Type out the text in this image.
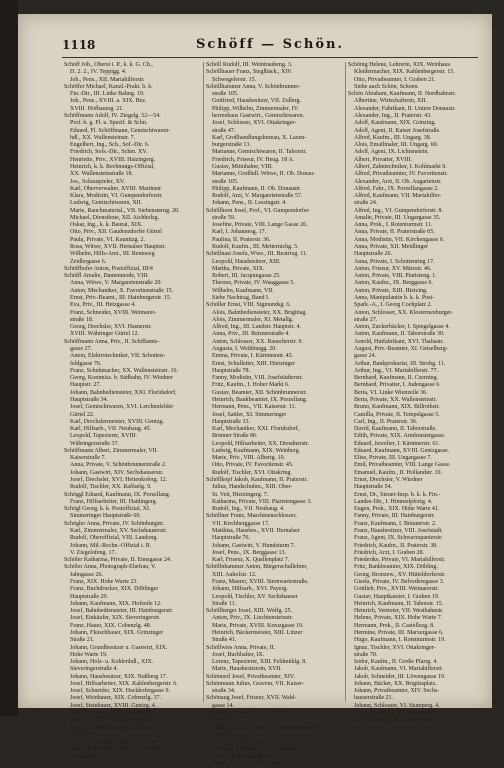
1118	Schöff — Schön.
Schöff Joh., Oberst i. P., k. k. G. Ch.,
D. 2. 2., IV. Teppigg. 4.
Joh., Pens., XII. Mariahilferstr.
Schöffer Michael, Kanzl.-Prakt. b. k.
Fin.-Dir., III. Linke Bahng. 19.
Joh., Pens., XVIII. a. XIX. Bez.
XVIII. Hofbauerg. 21.
Schöffmann Adolf, IV. Ziegelg. 52—54.
Prof. b. g. Fl. u. Spezif. & Schn.
Eduard, Fl. Schöffmann, Gemischtwaren-
hdl., XX. Wallensteinstr. 7.
Engelbert, Ing., Sch., Sof.-Dir. 6.
Friedrich, Sofs.-Dir., Schm. XV.
Henriette, Priv., XVIII. Haizingerg.
Heinrich, k. k. Rechnungs-Offizial,
XX. Wallensteinstraße 18.
Jos., Schauspieler, XV.
Karl, Oberverwalter, XVIII. Martinstr.
Klara, Modistin, VI. Gumpendorferstr.
Ludwig, Gemischtwaren, XII.
Marie, Rauchmaterial., VII. Siebensterng. 20.
Michael, Dienstbote, XII. Aichholzg.
Oskar, Ing., k. k. Baurat, XIX.
Otto, Priv., XII. Gaudenzdorfer Gürtel
Paula, Private, VI. Kaunitzg. 2.
Rosa, Witwe, XVII. Hernalser Hauptstr.
Wilhelm, Hilfs-Amt., III. Rennweg
Zeidlergasse 6.
Schöffhofer Anton, Postoffizial, III/4
Schöffl Amalie, Damenmode, VIII.
Anna, Witwe, V. Margaretenstraße 20.
Anton, Mechaniker, X. Favoritenstraße 15.
Ernst, Priv.-Beamt., III. Hainburgerstr. 15.
Eva, Priv., III. Hetzgasse 4.
Franz, Schneider, XVIII. Weimarer-
straße 18.
Georg, Drechsler, XVI. Hasnerstr.
XVIII. Währinger Gürtel 12.
Schöffmann Anna, Priv., II. Schiffamts-
gasse 27.
Anton, Elektrotechniker, VII. Schotten-
feldgasse 76.
Franz, Schuhmacher, XX. Wallensteinstr. 16.
Georg, Kommiss. b. Südbahn, IV. Wiedner
Hauptstr. 27.
Johann, Bahnbediensteter, XXI. Floridsdorf,
Hauptstraße 34.
Josef, Gemischtwaren, XVI. Lerchenfelder
Gürtel 22.
Karl, Drechslermeister, XVIII. Gentzg.
Karl, Hilfsarb., VII. Neubaug. 45.
Leopold, Tapezierer, XVIII.
Währingerstraße 37.
Schöffmann Albert, Zimmermaler, VII.
Kaiserstraße 7.
Anna, Private, V. Schönbrunnerstraße 2.
Johann, Gastwirt, XIV. Sechshauserstr.
Josef, Drechsler, XVI. Hettenkoferg. 12.
Rudolf, Tischler, XX. Raffaelg. 9.
Schöggl Eduard, Kaufmann, IX. Porzellang.
Franz, Hilfsarbeiter, III. Haidingerg.
Schögl Georg, k. k. Postoffizial, XI.
Simmeringer Hauptstraße 69.
Schögler Anna, Private, IV. Schönburgstr.
Karl, Zimmermaler, XV. Sechshauserstr.
Rudolf, Oberoffizial, VIII. Laudong.
Johann, Mil.-Rechn.-Offizial i. R.
V. Ziegelofeng. 17.
Schöler Katharina, Private, II. Ennsgasse 24.
Schöler Anna, Photograph-Ehefrau, V.
Jahngasse 26.
Franz, XIX. Hohe Warte 23.
Franz, Buchdrucker, XIX. Döblinger
Hauptstraße 29.
Johann, Kaufmann, XIX. Hofzeile 12.
Josef, Bahnbediensteter, III. Hainburgerstr.
Josef, Einkäufer, XIX. Sieveringerstr.
Franz, Hauer, XIX. Cobenzlg. 48.
Johann, Fleischhauer, XIX. Grinzinger
Straße 21.
Johann, Grundbesitzer u. Gastwirt, XIX.
Hohe Warte 19.
Johann, Holz- u. Kohlenhdl., XIX.
Sieveringerstraße 4.
Johann, Hausbesitzer, XIX. Nußberg 17.
Josef, Hilfsarbeiter, XIX. Kahlenbergerstr. 6.
Josef, Schneider, XIX. Hackhofergasse 9.
Josef, Weinhauer, XIX. Cobenzlg. 37.
Josef, Steinhauer, XVIII. Gentzg. 4.
Karl, Weinhauer, XIX. Nußberg 13.
Karl, Ing., XIX. Kahlenbergerstraße 4.
Leopold, Gastwirt, XIX. Grinzing
Straße 9.
Karl, Rechnungsrat, XIX. Grinzing 20.
Marie, Kaufmannswitwe, III. Landstr.
Hauptstraße 71.
Schöll Rudolf, III. Weintraubeng. 3.
Schöllhauer Franz, Sieglbäck., XIV.
Schwegelerstr. 15.
Schöllhammer Anna, V. Schönbrunner-
straße 105.
Gottfried, Hausbesitzer, VII. Zollerg.
Philipp, Wilhelm, Zimmermaler, IV.
herrenhaus Gastwirt., Gemischtwaren.
Josef, Schlosser, XVI. Ottakringer-
straße 47.
Karl, Großhandlungsbureau, X. Laxen-
burgerstraße 13.
Marianne, Gemischtwaren, II. Taborstr.
Friedrich, Friseur, IV. Heug. 18 A.
Gustav, Mitinhaber, VIII.
Marianne, Großhdl. Witwe, II. Ob. Donau-
straße 105.
Philipp, Kaufmann, II. Ob. Donaustr.
Rudolf, Arzt, V. Margaretenstraße 57.
Johann, Pens., II. Lessingstr. 4.
Schöllhorn Josef, Prof., VI. Gumpendorfer-
straße 59.
Josefine, Private, VIII. Lange Gasse 26.
Karl, I. Johannesg. 17.
Paulina, II. Praterstr. 36.
Rudolf, Kaufm., III. Metternichg. 5.
Schöllnast Josefa, Wwe., III. Beatrixg. 11.
Leopold, Hausbesitzer, XIII.
Martha, Private, XIX.
Robert, III. Jacquingasse 25.
Therese, Private, IV. Waaggasse 5.
Wilhelm, Kaufmann, VII.
Siehe Nachtrag, Band I.
Schöller Ernst, VIII. Sigmundsg. 6.
Alois, Bahnbediensteter, XX. Brigittag.
Alois, Zimmermaler, XI. Metallg.
Alfred, Ing., III. Landstr. Hauptstr. 4.
Anna, Priv., III. Reisnerstraße 4.
Anton, Schlosser, XX. Rauscherstr. 9.
Augusta, I. Weihburgg. 20.
Emma, Private, I. Kärntnerstr. 45.
Ernst, Schulleiter, XIII. Hietzinger
Hauptstraße 78.
Fanny, Modistin, VIII. Josefstädterstr.
Fritz, Kaufm., I. Hoher Markt 6.
Gustav, Beamter, XII. Schönbrunnerstr.
Heinrich, Bankbeamter, IX. Porzellang.
Hermann, Pens., VII. Kaiserstr. 11.
Josef, Sattler, XI. Simmeringer
Hauptstraße 33.
Karl, Mechaniker, XXI. Floridsdorf,
Brünner Straße 86.
Leopold, Hilfsarbeiter, XX. Dresdnerstr.
Ludwig, Kaufmann, XIX. Weinberg.
Marie, Priv., VIII. Albertg. 10.
Otto, Private, IV. Favoritenstr. 45.
Rudolf, Tischler, XVI. Ottakring.
Schöllkopf Jakob, Kaufmann, II. Praterstr.
Julius, Handschuhm., XIII. Ober-
St. Veit, Hietzingerg. 7.
Katharina, Private, VIII. Piaristengasse 3.
Rudolf, Ing., VII. Neubaug. 4.
Schöllner Franz, Maschinenschlosser,
VII. Kirchberggasse 17.
Matthias, Hausbes., XVII. Hernalser
Hauptstraße 76.
Johann, Gastwirt, V. Hundsturm 7.
Josef, Pens., IX. Berggasse 13.
Karl, Friseur, X. Quellenplatz 7.
Schöllnhammer Anton, Bürgerschullehrer,
XIII. Auhofstr. 12.
Franz, Maurer, XVIII. Sternwartestraße.
Johann, Hilfsarb., XVI. Payerg.
Leopold, Tischler, XV. Sechshauser
Straße 11.
Schöllberger Josef, XIII. Wolfg. 25.
Anton, Priv., IX. Liechtensteinstr.
Marie, Private, XVIII. Kreuzgasse 19.
Heinrich, Bäckermeister, XIII. Linzer
Straße 41.
Schöllwies Anna, Private, II.
Josef, Buchhalter, IX.
Lorenz, Tapezierer, XIII. Feldmühlg. 8.
Marie, Hausbesitzerin, XVII.
Schönnerl Josef, Privatbeamter, XIV.
Schönmann Julius, Graveur, VII. Kaiser-
straße 34.
Schönaug Josef, Friseur, XVII. Wald-
gasse 14.
Schönberg Ernestine, XIX. Hohe
Warte 19.
Schönlig Auguste, Private, V. Siebenbrunnen-
gasse 11.
Georg, III. Rennweg 44.
Heinrich, Kaufmann, XVI. Koppstr.
Gustav, Karl, Beamter, XIX.
Maria, Private, XIII. Hietzing.
Schönig Helene, Lehrerin, XIX. Weinhaus.
Kleidermacher, XIX. Kahlenbergerstr. 15.
Otto, Privatbeamter, I. Graben 21.
Siehe auch Schön, Schoen.
Schön Abraham, Kaufmann, II. Nordbahnstr.
Albertine, Wirtschafterin, XII.
Alexander, Fabrikant, II. Untere Donaustr.
Alexander, Ing., II. Praterstr. 43.
Adolf, Kaufmann, XIX. Grinzing.
Adolf, Agent, II. Kaiser Josefstraße.
Alfred, Kaufm., III. Ungarg. 38.
Alois, Emailmaler, III. Ungarg. 60.
Adolf, Agent, IX. Lichtenstein.
Albert, Privatier, XVIII.
Albert, Zahntechniker, I. Kohlmarkt 9.
Alfred, Privatbeamter, IV. Favoritenstr.
Alexander, Arzt, II. Ob. Augartenstr.
Alfred, Fabr., IX. Porzellangasse 2.
Alfred, Kaufmann, VII. Mariahilfer-
straße 24.
Alfred, Ing., VI. Gumpendorferstr. 8.
Amalie, Private, III. Ungargasse 35.
Anna, Prok., I. Rotenturmstr. 11.
Anna, Private, II. Praterstraße 65.
Anna, Modistin, VII. Kirchengasse 6.
Anna, Private, XII. Meidlinger
Hauptstraße 26.
Anna, Private, I. Schottenring 17.
Anton, Friseur, XV. Märzstr. 46.
Anton, Private, VIII. Piaristeng. 1.
Anton, Kaufm., IX. Berggasse 6.
Anton, Private, XIII. Hietzing.
Anna, Manipulantin b. k. k. Post-
Spark.-A., I. Georg Cochplatz 2.
Anton, Schlosser, XX. Klosterneuburger-
straße 27.
Anton, Zuckerbäcker, I. Spiegelgasse 4.
Anton, Kaufmann, II. Taborstraße 30.
Arnold, Hutfabrikant, XVI. Thaliastr.
August, Priv.-Beamter, XI. Geiselberg-
gasse 24.
Arthur, Bankprokurist, III. Strohg. 11.
Arthur, Ing., VI. Mariahilferstr. 77.
Bernhard, Kaufmann, II. Czerning.
Bernhard, Privatier, I. Judengasse 6.
Berta, VI. Linke Wienzeile 36.
Berta, Private, XX. Wallensteinstr.
Bruno, Kaufmann, XIX. Billrothstr.
Camilla, Private, II. Tempelgasse 5.
Carl, Ing., II. Praterstr. 36.
David, Kaufmann, II. Taborstraße.
Edith, Private, XIX. Armbrustergasse.
Eduard, Juwelier, I. Kärntnerstr. 61.
Eduard, Kaufmann, XVIII. Gentzgasse.
Elise, Private, III. Ungargasse 7.
Emil, Privatbeamter, VIII. Lange Gasse.
Emanuel, Kaufm., II. Hollandstr. 10.
Ernst, Drechsler, V. Wiedner
Hauptstraße 54.
Ernst, Dr., Steuer-Insp. b. k. k. Fin.-
Landes-Dir., I. Himmelpfortg. 4.
Eugen, Prok., XIX. Hohe Warte 41.
Fanny, Private, III. Hainburgerstr.
Franz, Kaufmann, I. Bräunerstr. 2.
Franz, Hausbesitzer, VIII. Josefstadt.
Franz, Agent, IX. Schwarzspanierstr.
Friedrich, Kaufm., II. Praterstr. 38.
Friedrich, Arzt, I. Graben 28.
Friederike, Private, VI. Mariahilferstr.
Fritz, Bankbeamter, XIX. Döbling.
Georg, Bronzew., XV. Hütteldorferstr.
Gisela, Private, IV. Belvederegasse 3.
Gottlieb, Priv., XVIII. Weimarerstr.
Gustav, Hauptkassier, I. Graben 19.
Heinrich, Kaufmann, II. Taborstr. 15.
Heinrich, Vertreter, VII. Westbahnstr.
Helene, Private, XIX. Hohe Warte 7.
Hermann, Prok., II. Castellezg. 8.
Hermine, Private, III. Marxergasse 6.
Hugo, Kaufmann, I. Rotenturmstr. 19.
Ignaz, Tischler, XVI. Ottakringer-
straße 70.
Isidor, Kaufm., II. Große Pfarrg. 4.
Jakob, Kaufmann, VI. Mariahilferstr.
Jakob, Schneider, III. Löwengasse 19.
Johann, Bäcker, XX. Brigittaplatz.
Johann, Privatbeamter, XIV. Sechs-
hauserstraße 21.
Johann, Schlosser, VI. Stumperg. 4.
Josef, Kaufmann, II. Praterstraße.
Josef, Private, VIII. Laudongasse.
